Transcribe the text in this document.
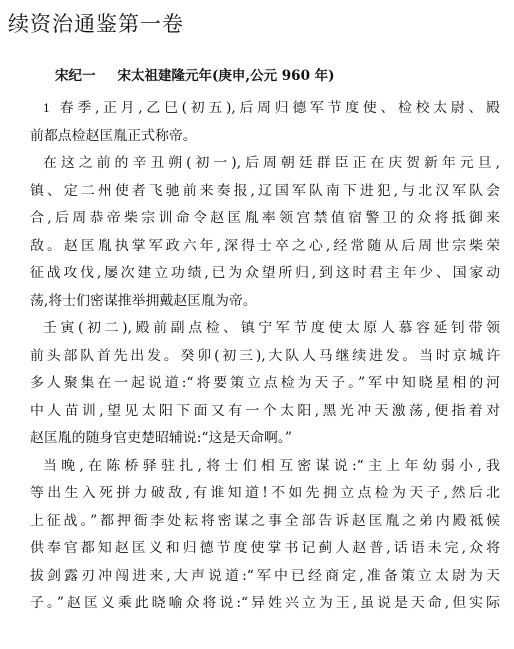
续资治通鉴第一卷
宋纪一 宋太祖建隆元年(庚申,公元 960 年)
1 春季,正月,乙巳(初五),后周归德军节度使、检校太尉、殿
前都点检赵匡胤正式称帝。
在这之前的辛丑朔(初一),后周朝廷群臣正在庆贺新年元旦,
镇、定二州使者飞驰前来奏报,辽国军队南下进犯,与北汉军队会
合,后周恭帝柴宗训命令赵匡胤率领宫禁值宿警卫的众将抵御来
敌。赵匡胤执掌军政六年,深得士卒之心,经常随从后周世宗柴荣
征战攻伐,屡次建立功绩,已为众望所归,到这时君主年少、国家动
荡,将士们密谋推举拥戴赵匡胤为帝。
壬寅(初二),殿前副点检、镇宁军节度使太原人慕容延钊带领
前头部队首先出发。癸卯(初三),大队人马继续进发。当时京城许
多人聚集在一起说道:“将要策立点检为天子。”军中知晓星相的河
中人苗训,望见太阳下面又有一个太阳,黑光冲天激荡,便指着对
赵匡胤的随身官吏楚昭辅说:“这是天命啊。”
当晚,在陈桥驿驻扎,将士们相互密谋说:“主上年幼弱小,我
等出生入死拼力破敌,有谁知道!不如先拥立点检为天子,然后北
上征战。”都押衙李处耘将密谋之事全部告诉赵匡胤之弟内殿祗候
供奉官都知赵匡义和归德节度使掌书记蓟人赵普,话语未完,众将
拔剑露刃冲闯进来,大声说道:“军中已经商定,准备策立太尉为天
子。”赵匡义乘此晓喻众将说:“异姓兴立为王,虽说是天命,但实际
